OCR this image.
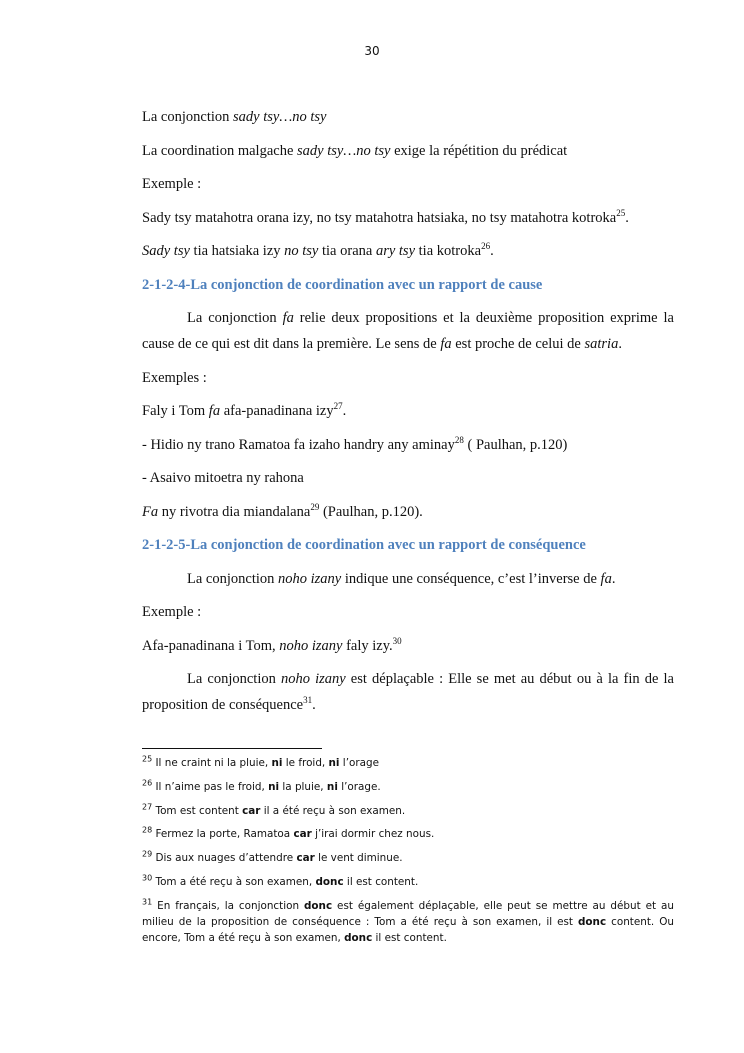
30

La conjonction sady tsy…no tsy

La coordination malgache sady tsy…no tsy exige la répétition du prédicat

Exemple :

Sady tsy matahotra orana izy, no tsy matahotra hatsiaka, no tsy matahotra kotroka$^{25}$.

Sady tsy tia hatsiaka izy no tsy tia orana ary tsy tia kotroka$^{26}$.

2-1-2-4-La conjonction de coordination avec un rapport de cause

La conjonction fa relie deux propositions et la deuxième proposition exprime la cause de ce qui est dit dans la première. Le sens de fa est proche de celui de satria.

Exemples :

Faly i Tom fa afa-panadinana izy$^{27}$.

- Hidio ny trano Ramatoa fa izaho handry any aminay$^{28}$ ( Paulhan, p.120)

- Asaivo mitoetra ny rahona

Fa ny rivotra dia miandalana$^{29}$ (Paulhan, p.120).

2-1-2-5-La conjonction de coordination avec un rapport de conséquence

La conjonction noho izany indique une conséquence, c’est l’inverse de fa.

Exemple :

Afa-panadinana i Tom, noho izany faly izy.$^{30}$

La conjonction noho izany est déplaçable : Elle se met au début ou à la fin de la proposition de conséquence$^{31}$.

$^{25}$ Il ne craint ni la pluie, ni le froid, ni l’orage

$^{26}$ Il n’aime pas le froid, ni la pluie, ni l’orage.

$^{27}$ Tom est content car il a été reçu à son examen.

$^{28}$ Fermez la porte, Ramatoa car j’irai dormir chez nous.

$^{29}$ Dis aux nuages d’attendre car le vent diminue.

$^{30}$ Tom a été reçu à son examen, donc il est content.

$^{31}$ En français, la conjonction donc est également déplaçable, elle peut se mettre au début et au milieu de la proposition de conséquence : Tom a été reçu à son examen, il est donc content. Ou encore, Tom a été reçu à son examen, donc il est content.
